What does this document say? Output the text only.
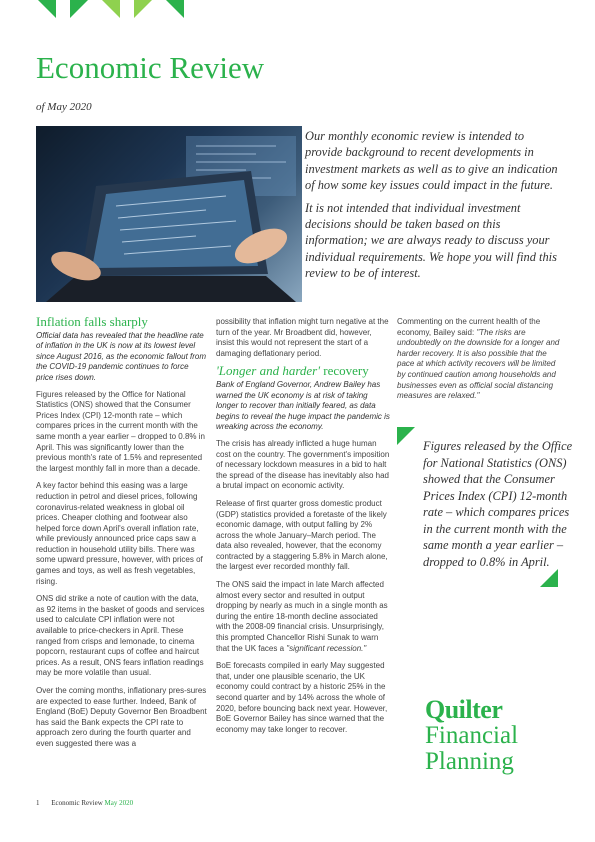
Economic Review
of May 2020

Our monthly economic review is intended to provide background to recent developments in investment markets as well as to give an indication of how some key issues could impact in the future.

It is not intended that individual investment decisions should be taken based on this information; we are always ready to discuss your individual requirements. We hope you will find this review to be of interest.

Inflation falls sharply

Official data has revealed that the headline rate of inflation in the UK is now at its lowest level since August 2016, as the economic fallout from the COVID-19 pandemic continues to force price rises down.

Figures released by the Office for National Statistics (ONS) showed that the Consumer Prices Index (CPI) 12-month rate – which compares prices in the current month with the same month a year earlier – dropped to 0.8% in April. This was significantly lower than the previous month's rate of 1.5% and represented the largest monthly fall in more than a decade.

A key factor behind this easing was a large reduction in petrol and diesel prices, following coronavirus-related weakness in global oil prices. Cheaper clothing and footwear also helped force down April's overall inflation rate, while previously announced price caps saw a reduction in household utility bills. There was some upward pressure, however, with prices of games and toys, as well as fresh vegetables, rising.

ONS did strike a note of caution with the data, as 92 items in the basket of goods and services used to calculate CPI inflation were not available to price-checkers in April. These ranged from crisps and lemonade, to cinema popcorn, restaurant cups of coffee and haircut prices. As a result, ONS fears inflation readings may be more volatile than usual.

Over the coming months, inflationary pres-sures are expected to ease further. Indeed, Bank of England (BoE) Deputy Governor Ben Broadbent has said the Bank expects the CPI rate to approach zero during the fourth quarter and even suggested there was a

possibility that inflation might turn negative at the turn of the year. Mr Broadbent did, however, insist this would not represent the start of a damaging deflationary period.

'Longer and harder' recovery

Bank of England Governor, Andrew Bailey has warned the UK economy is at risk of taking longer to recover than initially feared, as data begins to reveal the huge impact the pandemic is wreaking across the economy.

The crisis has already inflicted a huge human cost on the country. The government's imposition of necessary lockdown measures in a bid to halt the spread of the disease has inevitably also had a brutal impact on economic activity.

Release of first quarter gross domestic product (GDP) statistics provided a foretaste of the likely economic damage, with output falling by 2% across the whole January–March period. The data also revealed, however, that the economy contracted by a staggering 5.8% in March alone, the largest ever recorded monthly fall.

The ONS said the impact in late March affected almost every sector and resulted in output dropping by nearly as much in a single month as during the entire 18-month decline associated with the 2008-09 financial crisis. Unsurprisingly, this prompted Chancellor Rishi Sunak to warn that the UK faces a "significant recession."

BoE forecasts compiled in early May suggested that, under one plausible scenario, the UK economy could contract by a historic 25% in the second quarter and by 14% across the whole of 2020, before bouncing back next year. However, BoE Governor Bailey has since warned that the economy may take longer to recover.

Commenting on the current health of the economy, Bailey said: "The risks are undoubtedly on the downside for a longer and harder recovery. It is also possible that the pace at which activity recovers will be limited by continued caution among households and businesses even as official social distancing measures are relaxed."

Figures released by the Office for National Statistics (ONS) showed that the Consumer Prices Index (CPI) 12-month rate – which compares prices in the current month with the same month a year earlier – dropped to 0.8% in April.
Quilter
Financial
Planning
1 Economic Review May 2020
